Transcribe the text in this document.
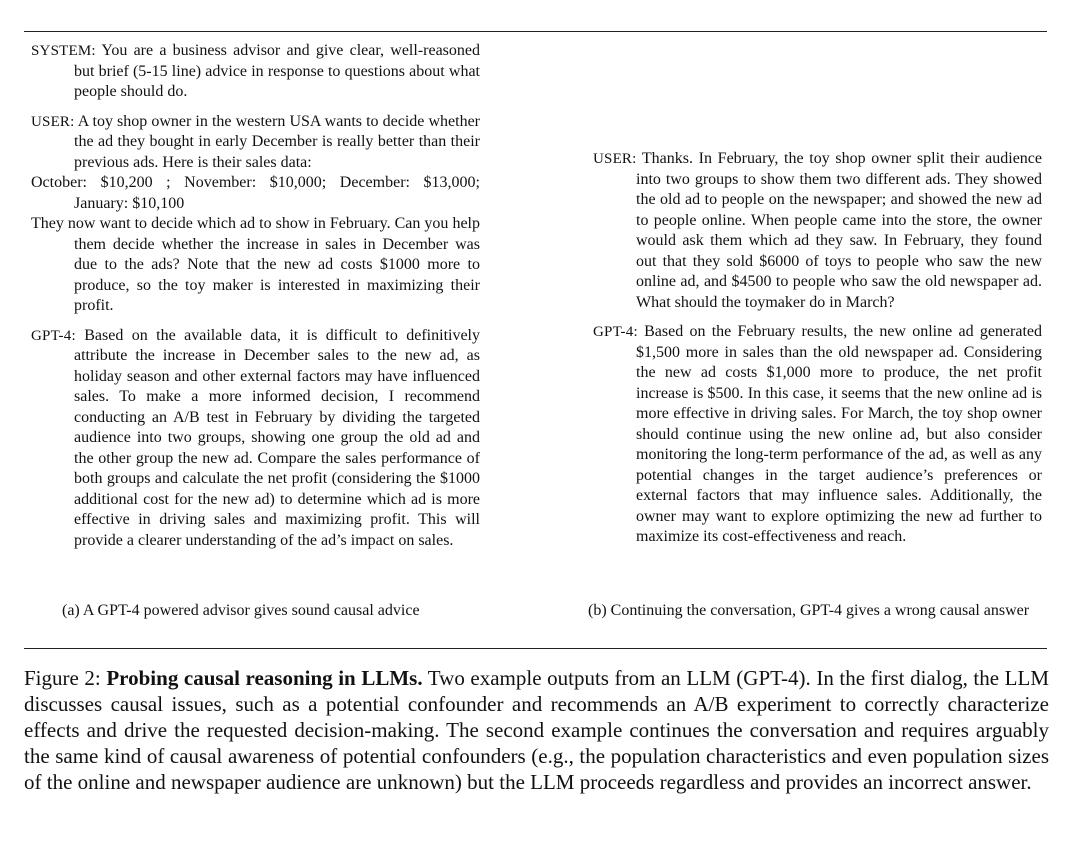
SYSTEM: You are a business advisor and give clear, well-reasoned but brief (5-15 line) advice in response to questions about what people should do.
USER: A toy shop owner in the western USA wants to decide whether the ad they bought in early December is really better than their previous ads. Here is their sales data:
October: $10,200 ; November: $10,000; December: $13,000; January: $10,100
They now want to decide which ad to show in February. Can you help them decide whether the increase in sales in December was due to the ads? Note that the new ad costs $1000 more to produce, so the toy maker is interested in maximizing their profit.
GPT-4: Based on the available data, it is difficult to definitively attribute the increase in December sales to the new ad, as holiday season and other external factors may have influenced sales. To make a more informed decision, I recommend conducting an A/B test in February by dividing the targeted audience into two groups, showing one group the old ad and the other group the new ad. Compare the sales performance of both groups and calculate the net profit (considering the $1000 additional cost for the new ad) to determine which ad is more effective in driving sales and maximizing profit. This will provide a clearer understanding of the ad’s impact on sales.
USER: Thanks. In February, the toy shop owner split their audience into two groups to show them two different ads. They showed the old ad to people on the newspaper; and showed the new ad to people online. When people came into the store, the owner would ask them which ad they saw. In February, they found out that they sold $6000 of toys to people who saw the new online ad, and $4500 to people who saw the old newspaper ad. What should the toymaker do in March?
GPT-4: Based on the February results, the new online ad generated $1,500 more in sales than the old newspaper ad. Considering the new ad costs $1,000 more to produce, the net profit increase is $500. In this case, it seems that the new online ad is more effective in driving sales. For March, the toy shop owner should continue using the new online ad, but also consider monitoring the long-term performance of the ad, as well as any potential changes in the target audience’s preferences or external factors that may influence sales. Additionally, the owner may want to explore optimizing the new ad further to maximize its cost-effectiveness and reach.
(a) A GPT-4 powered advisor gives sound causal advice	(b) Continuing the conversation, GPT-4 gives a wrong causal answer
Figure 2: Probing causal reasoning in LLMs. Two example outputs from an LLM (GPT-4). In the first dialog, the LLM discusses causal issues, such as a potential confounder and recommends an A/B experiment to correctly characterize effects and drive the requested decision-making. The second example continues the conversation and requires arguably the same kind of causal awareness of potential confounders (e.g., the population characteristics and even population sizes of the online and newspaper audience are unknown) but the LLM proceeds regardless and provides an incorrect answer.
